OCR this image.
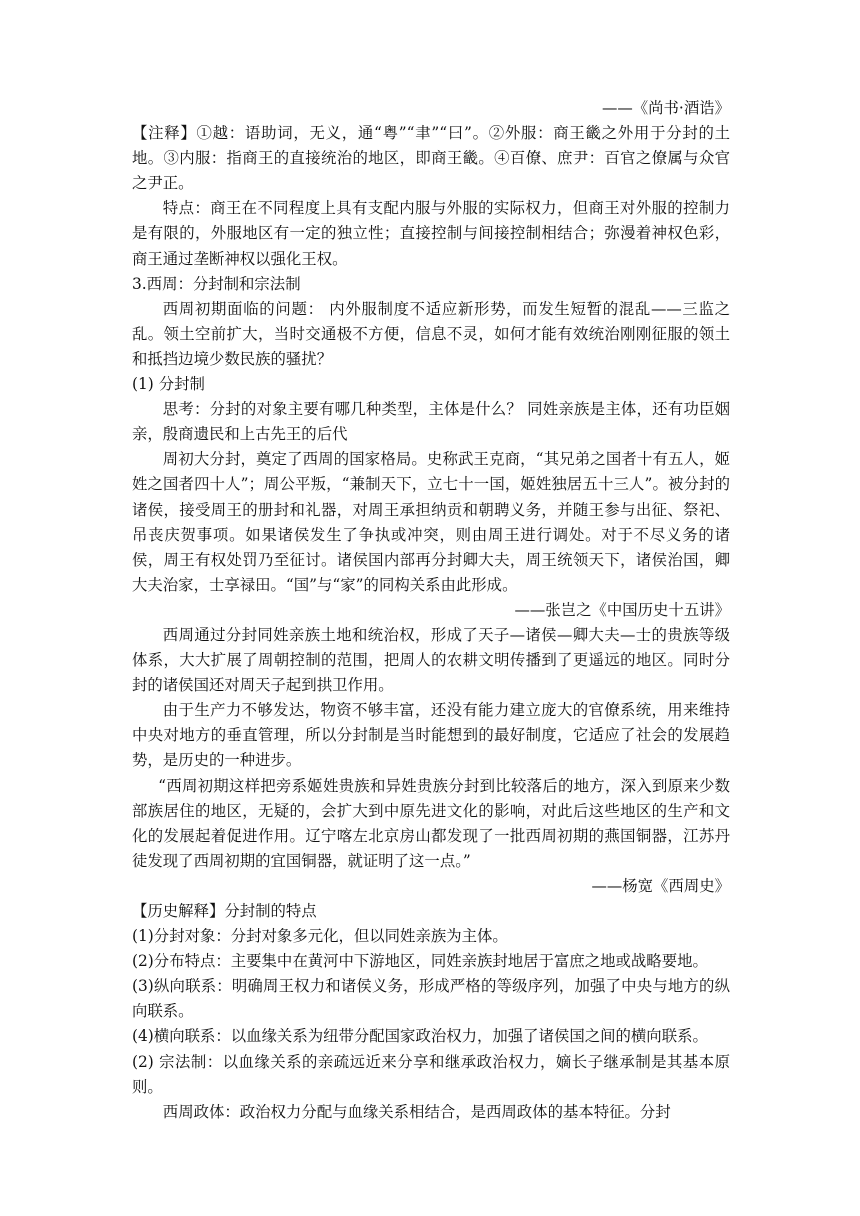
——《尚书·酒诰》

【注释】①越：语助词，无义，通“粤”“聿”“曰”。②外服：商王畿之外用于分封的土地。③内服：指商王的直接统治的地区，即商王畿。④百僚、庶尹：百官之僚属与众官之尹正。

特点：商王在不同程度上具有支配内服与外服的实际权力，但商王对外服的控制力是有限的，外服地区有一定的独立性；直接控制与间接控制相结合；弥漫着神权色彩，商王通过垄断神权以强化王权。

3.西周：分封制和宗法制

西周初期面临的问题： 内外服制度不适应新形势，而发生短暂的混乱——三监之乱。领土空前扩大，当时交通极不方便，信息不灵，如何才能有效统治刚刚征服的领土和抵挡边境少数民族的骚扰？

(1) 分封制

思考：分封的对象主要有哪几种类型，主体是什么？ 同姓亲族是主体，还有功臣姻亲，殷商遗民和上古先王的后代

周初大分封，奠定了西周的国家格局。史称武王克商，“其兄弟之国者十有五人，姬姓之国者四十人”；周公平叛，“兼制天下，立七十一国，姬姓独居五十三人”。被分封的诸侯，接受周王的册封和礼器，对周王承担纳贡和朝聘义务，并随王参与出征、祭祀、吊丧庆贺事项。如果诸侯发生了争执或冲突，则由周王进行调处。对于不尽义务的诸侯，周王有权处罚乃至征讨。诸侯国内部再分封卿大夫，周王统领天下，诸侯治国，卿大夫治家，士享禄田。“国”与“家”的同构关系由此形成。

——张岂之《中国历史十五讲》

西周通过分封同姓亲族土地和统治权，形成了天子—诸侯—卿大夫—士的贵族等级体系，大大扩展了周朝控制的范围，把周人的农耕文明传播到了更遥远的地区。同时分封的诸侯国还对周天子起到拱卫作用。

由于生产力不够发达，物资不够丰富，还没有能力建立庞大的官僚系统，用来维持中央对地方的垂直管理，所以分封制是当时能想到的最好制度，它适应了社会的发展趋势，是历史的一种进步。

“西周初期这样把旁系姬姓贵族和异姓贵族分封到比较落后的地方，深入到原来少数部族居住的地区，无疑的，会扩大到中原先进文化的影响，对此后这些地区的生产和文化的发展起着促进作用。辽宁喀左北京房山都发现了一批西周初期的燕国铜器，江苏丹徒发现了西周初期的宜国铜器，就证明了这一点。”

——杨宽《西周史》

【历史解释】分封制的特点

(1)分封对象：分封对象多元化，但以同姓亲族为主体。

(2)分布特点：主要集中在黄河中下游地区，同姓亲族封地居于富庶之地或战略要地。

(3)纵向联系：明确周王权力和诸侯义务，形成严格的等级序列，加强了中央与地方的纵向联系。

(4)横向联系：以血缘关系为纽带分配国家政治权力，加强了诸侯国之间的横向联系。

(2) 宗法制：以血缘关系的亲疏远近来分享和继承政治权力，嫡长子继承制是其基本原则。

西周政体：政治权力分配与血缘关系相结合，是西周政体的基本特征。分封
